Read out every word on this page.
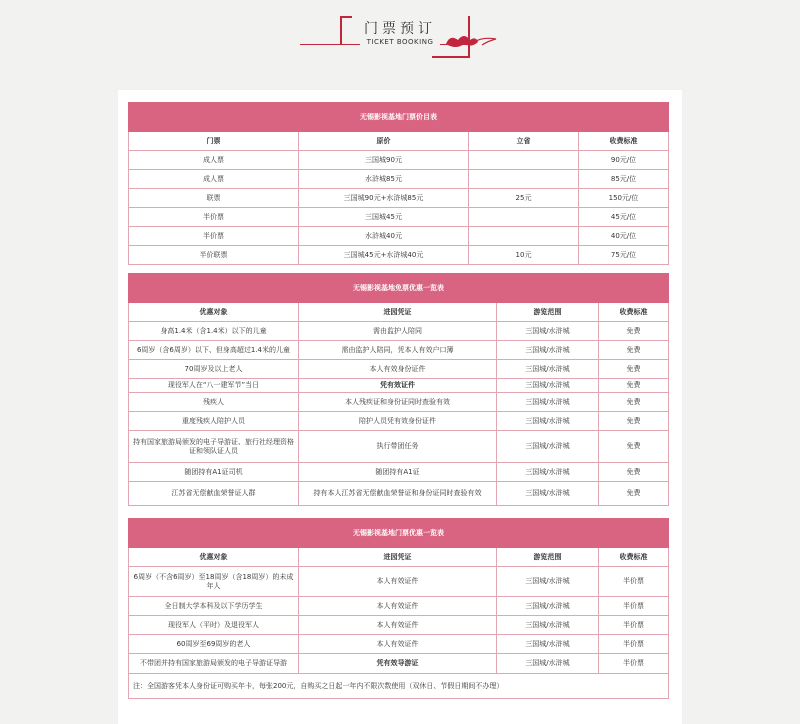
门票预订
TICKET BOOKING
无锡影视基地门票价目表			
门票	原价	立省	收费标准
成人票	三国城90元		90元/位
成人票	水浒城85元		85元/位
联票	三国城90元+水浒城85元	25元	150元/位
半价票	三国城45元		45元/位
半价票	水浒城40元		40元/位
半价联票	三国城45元+水浒城40元	10元	75元/位
无锡影视基地免票优惠一览表			
优惠对象	进园凭证	游览范围	收费标准
身高1.4米（含1.4米）以下的儿童	需由监护人陪同	三国城/水浒城	免费
6周岁（含6周岁）以下、但身高超过1.4米的儿童	需由监护人陪同，凭本人有效户口簿	三国城/水浒城	免费
70周岁及以上老人	本人有效身份证件	三国城/水浒城	免费
现役军人在“八一建军节”当日	凭有效证件	三国城/水浒城	免费
残疾人	本人残疾证和身份证同时查验有效	三国城/水浒城	免费
重度残疾人陪护人员	陪护人员凭有效身份证件	三国城/水浒城	免费
持有国家旅游局颁发的电子导游证、旅行社经理资格证和领队证人员	执行带团任务	三国城/水浒城	免费
随团持有A1证司机	随团持有A1证	三国城/水浒城	免费
江苏省无偿献血荣誉证人群	持有本人江苏省无偿献血荣誉证和身份证同时查验有效	三国城/水浒城	免费
无锡影视基地门票优惠一览表			
优惠对象	进园凭证	游览范围	收费标准
6周岁（不含6周岁）至18周岁（含18周岁）的未成年人	本人有效证件	三国城/水浒城	半价票
全日制大学本科及以下学历学生	本人有效证件	三国城/水浒城	半价票
现役军人（平时）及退役军人	本人有效证件	三国城/水浒城	半价票
60周岁至69周岁的老人	本人有效证件	三国城/水浒城	半价票
不带团并持有国家旅游局颁发的电子导游证导游	凭有效导游证	三国城/水浒城	半价票
注：全国游客凭本人身份证可购买年卡，每张200元，自购买之日起一年内不限次数使用（双休日、节假日期间不办理）			
